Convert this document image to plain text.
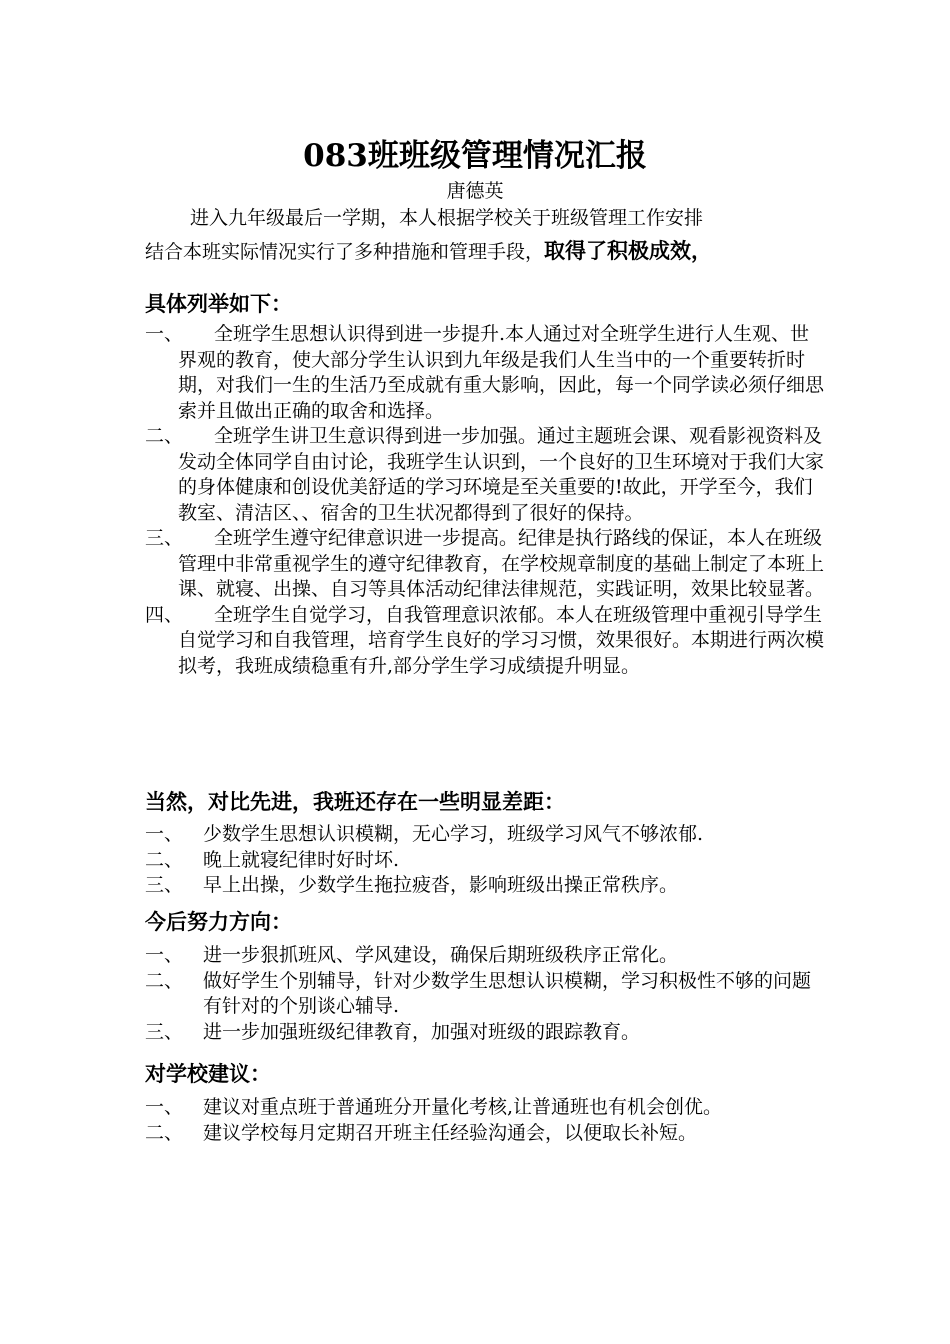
083班班级管理情况汇报
唐德英
进入九年级最后一学期，本人根据学校关于班级管理工作安排
结合本班实际情况实行了多种措施和管理手段，取得了积极成效，
具体列举如下：
一、	全班学生思想认识得到进一步提升.本人通过对全班学生进行人生观、世界观的教育，使大部分学生认识到九年级是我们人生当中的一个重要转折时期，对我们一生的生活乃至成就有重大影响，因此，每一个同学读必须仔细思索并且做出正确的取舍和选择。
二、	全班学生讲卫生意识得到进一步加强。通过主题班会课、观看影视资料及发动全体同学自由讨论，我班学生认识到，一个良好的卫生环境对于我们大家的身体健康和创设优美舒适的学习环境是至关重要的!故此，开学至今，我们教室、清洁区、、宿舍的卫生状况都得到了很好的保持。
三、	全班学生遵守纪律意识进一步提高。纪律是执行路线的保证，本人在班级管理中非常重视学生的遵守纪律教育，在学校规章制度的基础上制定了本班上课、就寝、出操、自习等具体活动纪律法律规范，实践证明，效果比较显著。
四、	全班学生自觉学习，自我管理意识浓郁。本人在班级管理中重视引导学生自觉学习和自我管理，培育学生良好的学习习惯，效果很好。本期进行两次模拟考，我班成绩稳重有升,部分学生学习成绩提升明显。
当然，对比先进，我班还存在一些明显差距：
一、	少数学生思想认识模糊，无心学习，班级学习风气不够浓郁.
二、	晚上就寝纪律时好时坏.
三、	早上出操，少数学生拖拉疲沓，影响班级出操正常秩序。
今后努力方向：
一、	进一步狠抓班风、学风建设，确保后期班级秩序正常化。
二、	做好学生个别辅导，针对少数学生思想认识模糊，学习积极性不够的问题有针对的个别谈心辅导.
三、	进一步加强班级纪律教育，加强对班级的跟踪教育。
对学校建议：
一、	建议对重点班于普通班分开量化考核,让普通班也有机会创优。
二、	建议学校每月定期召开班主任经验沟通会，以便取长补短。
